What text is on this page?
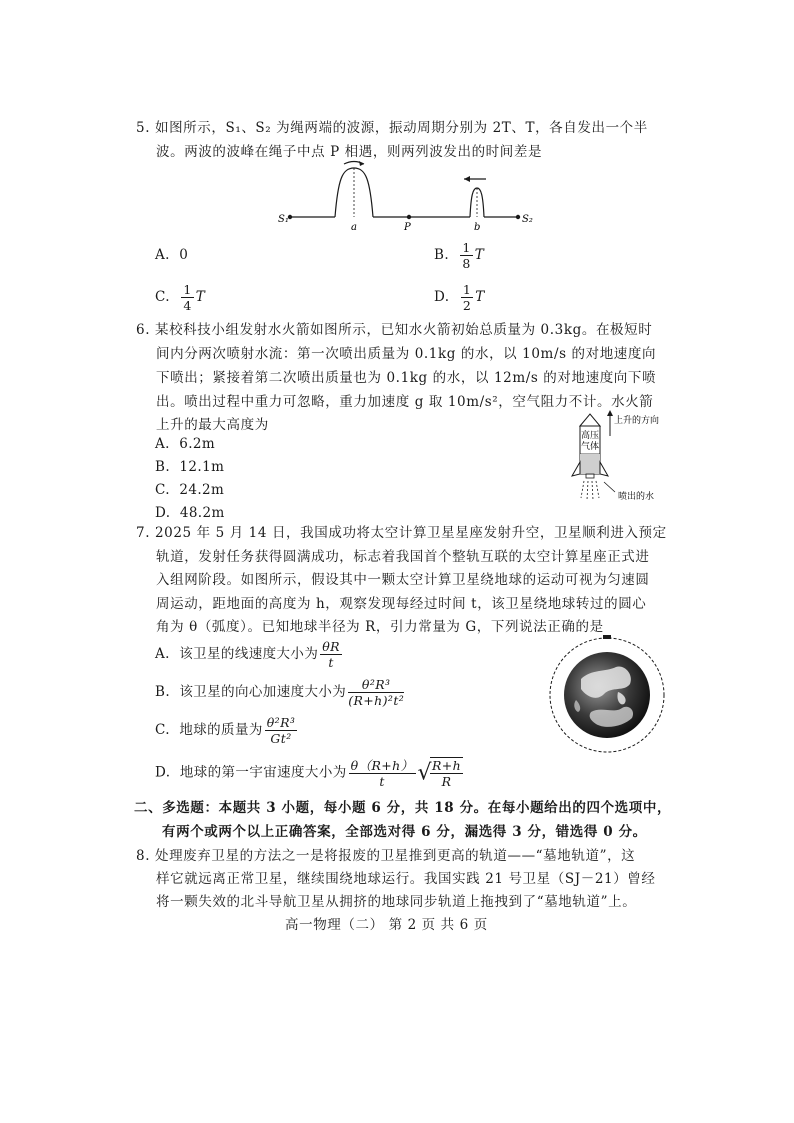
5. 如图所示，S₁、S₂ 为绳两端的波源，振动周期分别为 2T、T，各自发出一个半
波。两波的波峰在绳子中点 P 相遇，则两列波发出的时间差是
S₁
a	P	b
S₂
A. 0	B. $\frac{1}{8}$ T
C. $\frac{1}{4}$ T	D. $\frac{1}{2}$ T
6. 某校科技小组发射水火箭如图所示，已知水火箭初始总质量为 0.3kg。在极短时
间内分两次喷射水流：第一次喷出质量为 0.1kg 的水，以 10m/s 的对地速度向
下喷出；紧接着第二次喷出质量也为 0.1kg 的水，以 12m/s 的对地速度向下喷
出。喷出过程中重力可忽略，重力加速度 g 取 10m/s²，空气阻力不计。水火箭
上升的最大高度为
A. 6.2m
B. 12.1m
C. 24.2m
D. 48.2m
上升的方向
高压
气体
喷出的水
7. 2025 年 5 月 14 日，我国成功将太空计算卫星星座发射升空，卫星顺利进入预定
轨道，发射任务获得圆满成功，标志着我国首个整轨互联的太空计算星座正式进
入组网阶段。如图所示，假设其中一颗太空计算卫星绕地球的运动可视为匀速圆
周运动，距地面的高度为 h，观察发现每经过时间 t，该卫星绕地球转过的圆心
角为 θ（弧度）。已知地球半径为 R，引力常量为 G，下列说法正确的是
A. 该卫星的线速度大小为 $\frac{\theta R}{t}$
B. 该卫星的向心加速度大小为 $\frac{\text{θ²R³}}{\text{(R+h)²t²}}$
C. 地球的质量为 $\frac{\text{θ²R³}}{\text{Gt²}}$
D. 地球的第一宇宙速度大小为 $\frac{\theta(R+h)}{t}$ √
$\frac{R+h}{R}$
二、多选题：本题共 3 小题，每小题 6 分，共 18 分。在每小题给出的四个选项中，
有两个或两个以上正确答案，全部选对得 6 分，漏选得 3 分，错选得 0 分。
8. 处理废弃卫星的方法之一是将报废的卫星推到更高的轨道——“墓地轨道”，这
样它就远离正常卫星，继续围绕地球运行。我国实践 21 号卫星（SJ－21）曾经
将一颗失效的北斗导航卫星从拥挤的地球同步轨道上拖拽到了“墓地轨道”上。
高一物理（二） 第 2 页 共 6 页
